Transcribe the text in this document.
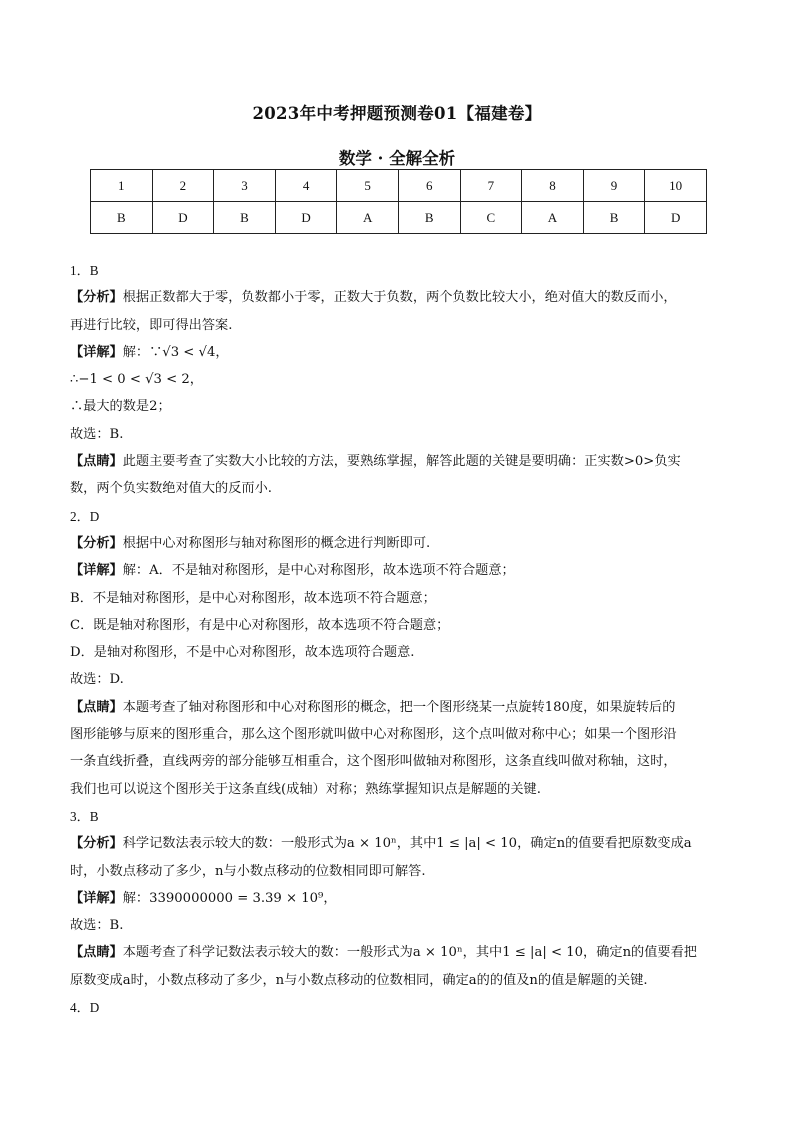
2023年中考押题预测卷01【福建卷】
数学 · 全解全析
1	2	3	4	5	6	7	8	9	10
B	D	B	D	A	B	C	A	B	D
1．B
【分析】根据正数都大于零，负数都小于零，正数大于负数，两个负数比较大小，绝对值大的数反而小，
再进行比较，即可得出答案.
【详解】解：∵√3 < √4，
∴−1 < 0 < √3 < 2，
∴最大的数是2；
故选：B.
【点睛】此题主要考查了实数大小比较的方法，要熟练掌握，解答此题的关键是要明确：正实数>0>负实
数，两个负实数绝对值大的反而小.
2．D
【分析】根据中心对称图形与轴对称图形的概念进行判断即可.
【详解】解：A．不是轴对称图形，是中心对称图形，故本选项不符合题意；
B．不是轴对称图形，是中心对称图形，故本选项不符合题意；
C．既是轴对称图形，有是中心对称图形，故本选项不符合题意；
D．是轴对称图形，不是中心对称图形，故本选项符合题意.
故选：D.
【点睛】本题考查了轴对称图形和中心对称图形的概念，把一个图形绕某一点旋转180度，如果旋转后的
图形能够与原来的图形重合，那么这个图形就叫做中心对称图形，这个点叫做对称中心；如果一个图形沿
一条直线折叠，直线两旁的部分能够互相重合，这个图形叫做轴对称图形，这条直线叫做对称轴，这时，
我们也可以说这个图形关于这条直线(成轴）对称；熟练掌握知识点是解题的关键.
3．B
【分析】科学记数法表示较大的数：一般形式为a × 10ⁿ，其中1 ≤ |a| < 10，确定n的值要看把原数变成a
时，小数点移动了多少，n与小数点移动的位数相同即可解答.
【详解】解：3390000000 = 3.39 × 10⁹，
故选：B.
【点睛】本题考查了科学记数法表示较大的数：一般形式为a × 10ⁿ，其中1 ≤ |a| < 10，确定n的值要看把
原数变成a时，小数点移动了多少，n与小数点移动的位数相同，确定a的的值及n的值是解题的关键.
4．D
